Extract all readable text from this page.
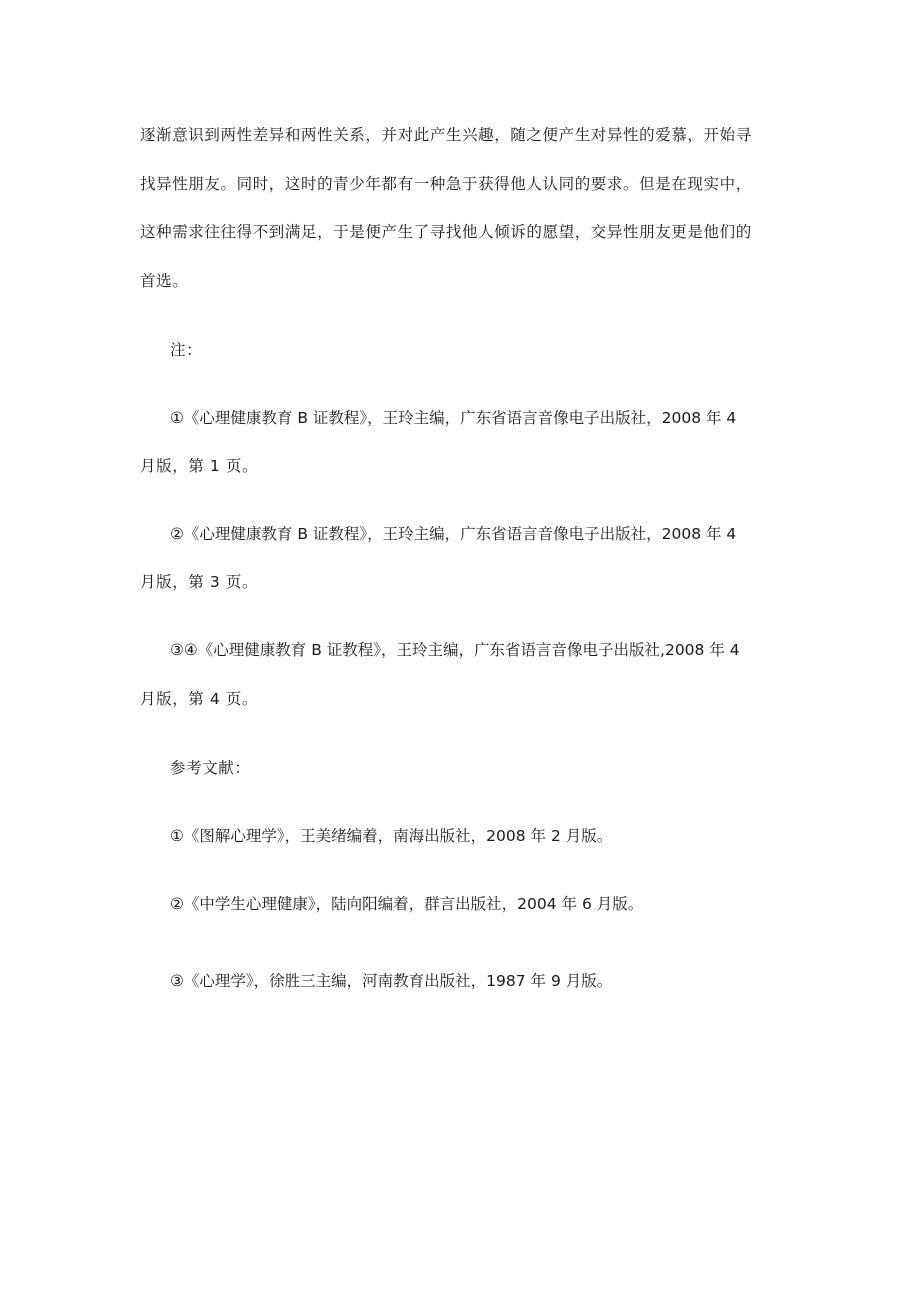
逐渐意识到两性差异和两性关系，并对此产生兴趣，随之便产生对异性的爱慕，开始寻
找异性朋友。同时，这时的青少年都有一种急于获得他人认同的要求。但是在现实中，
这种需求往往得不到满足，于是便产生了寻找他人倾诉的愿望，交异性朋友更是他们的
首选。
注：
①《心理健康教育 B 证教程》，王玲主编，广东省语言音像电子出版社，2008 年 4
月版，第 1 页。
②《心理健康教育 B 证教程》，王玲主编，广东省语言音像电子出版社，2008 年 4
月版，第 3 页。
③④《心理健康教育 B 证教程》，王玲主编，广东省语言音像电子出版社,2008 年 4
月版，第 4 页。
参考文献：
①《图解心理学》，王美绪编着，南海出版社，2008 年 2 月版。
②《中学生心理健康》，陆向阳编着，群言出版社，2004 年 6 月版。
③《心理学》，徐胜三主编，河南教育出版社，1987 年 9 月版。
